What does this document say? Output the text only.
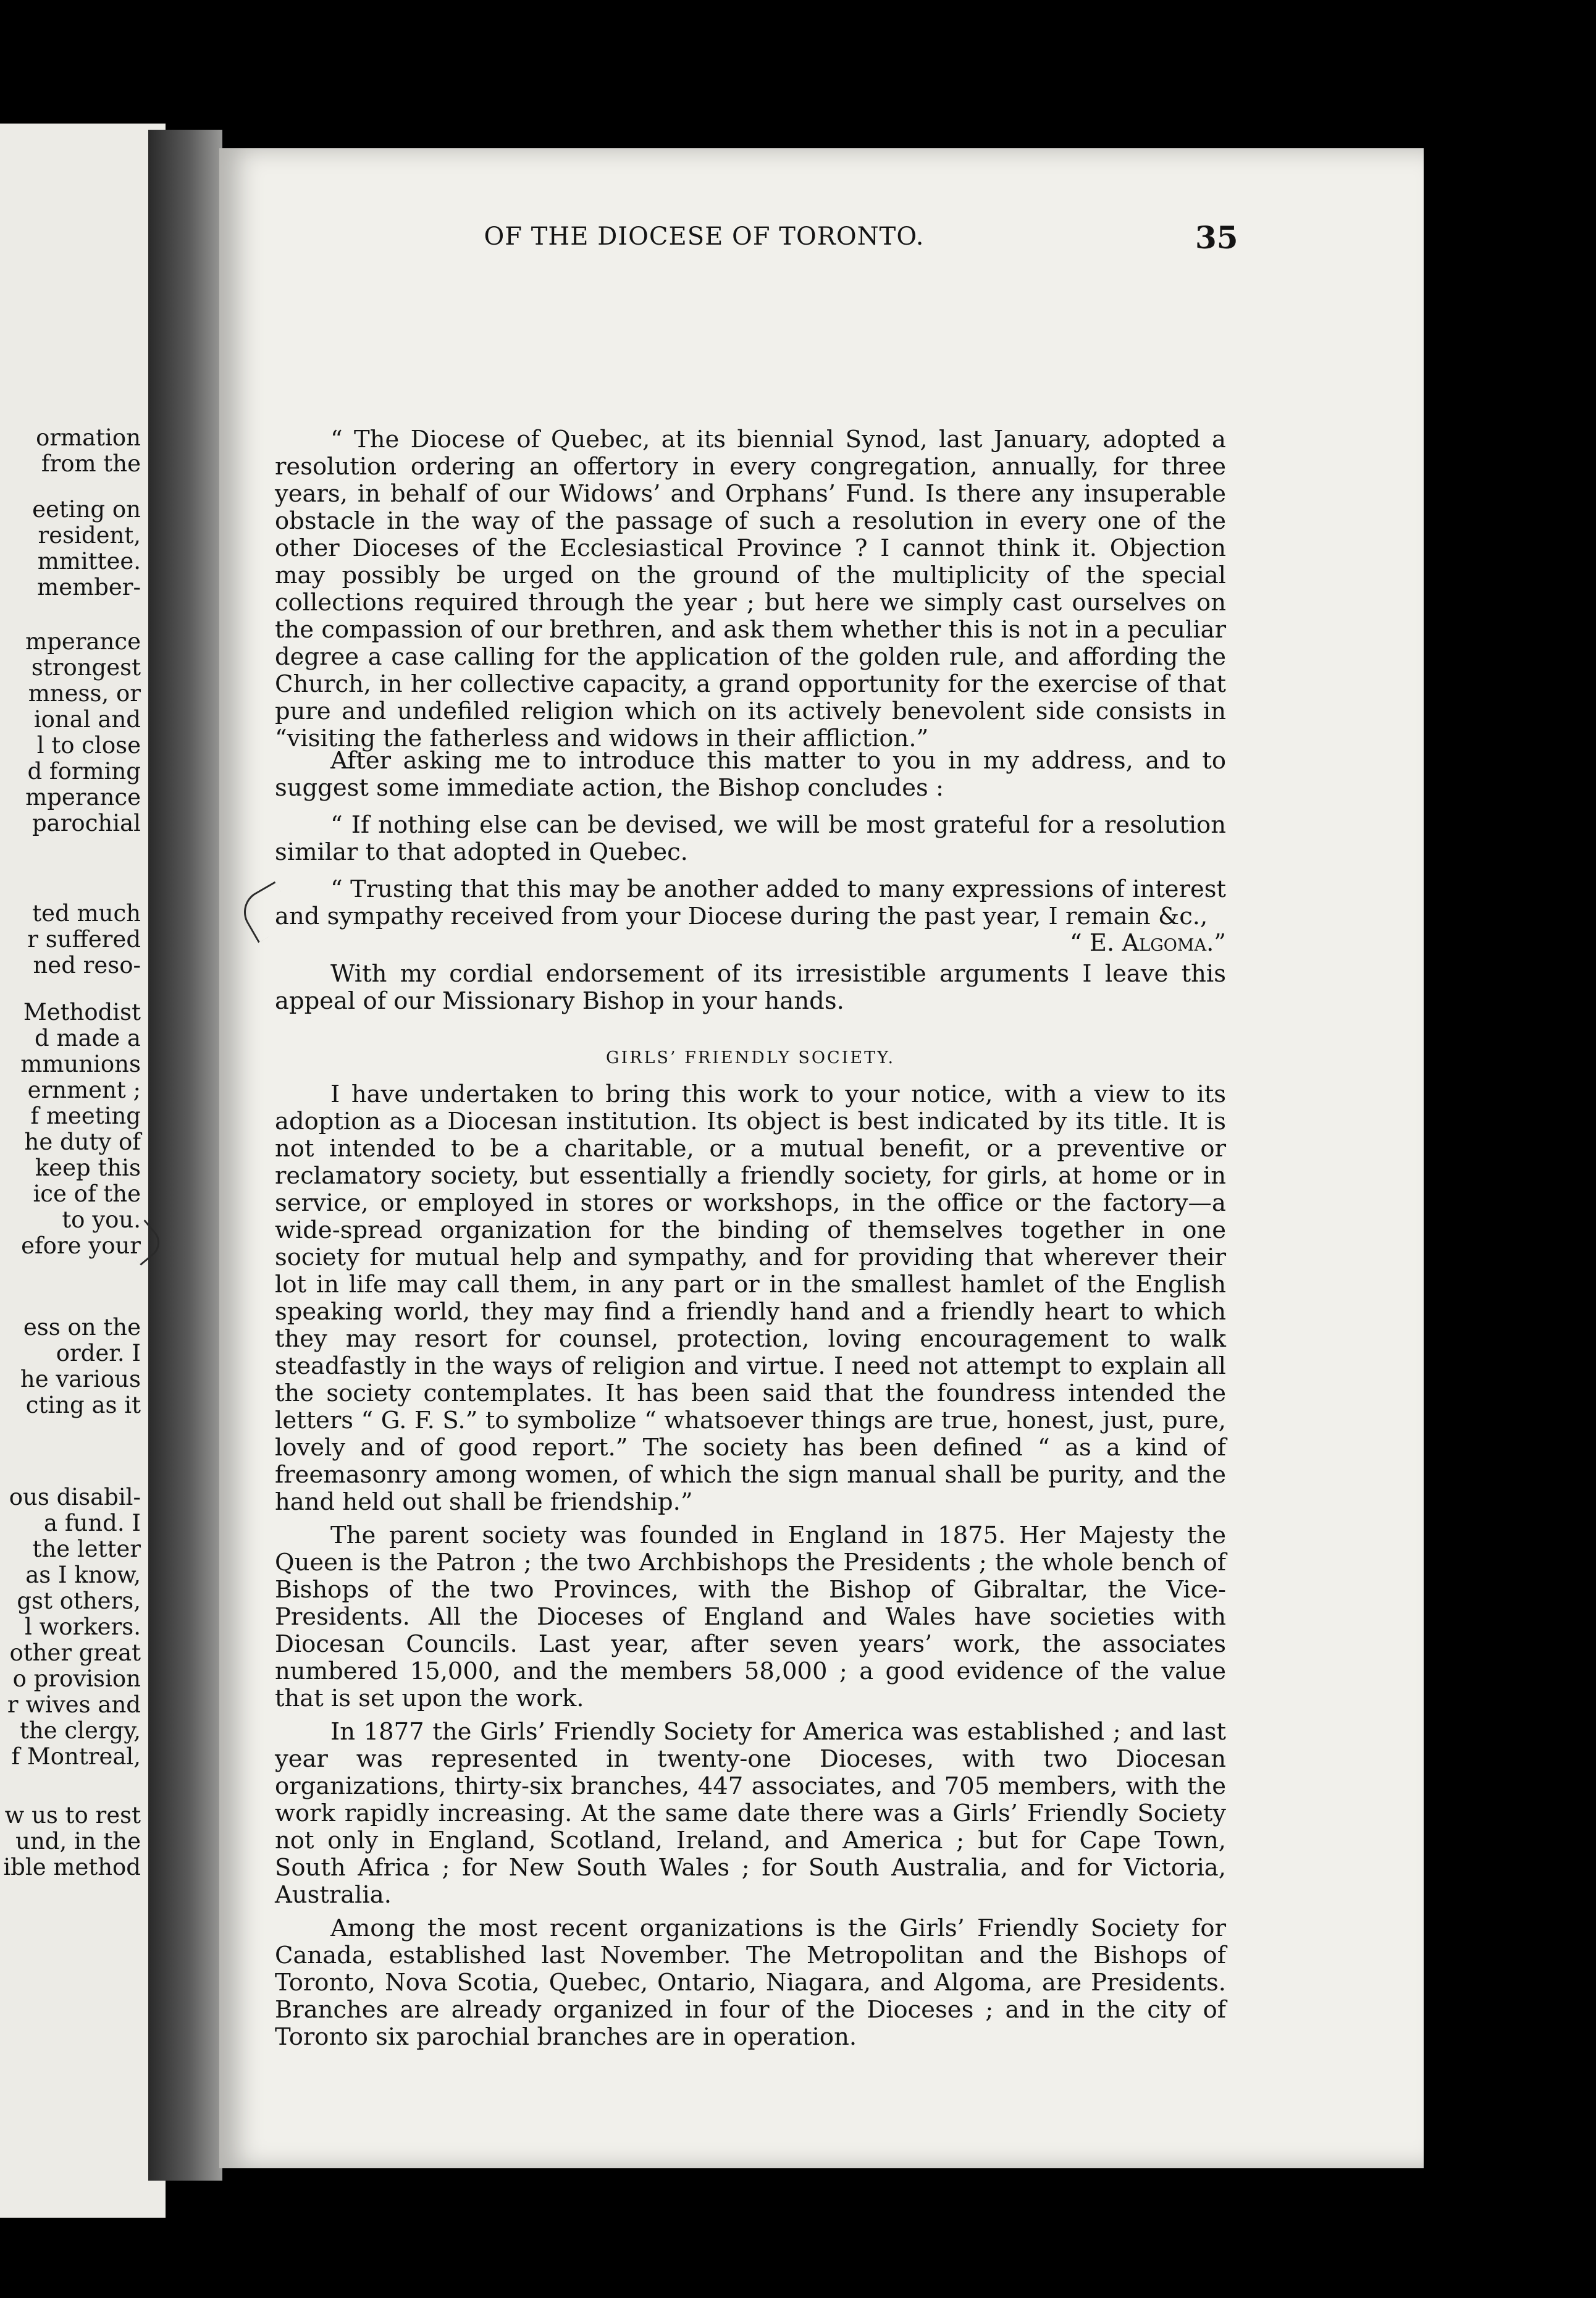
ormation
from the
eeting on
resident,
mmittee.
member-
mperance
strongest
mness, or
ional and
l to close
d forming
mperance
parochial
ted much
r suffered
ned reso-
Methodist
d made a
mmunions
ernment ;
f meeting
he duty of
keep this
ice of the
to you.
efore your
ess on the
order. I
he various
cting as it
ous disabil-
a fund. I
the letter
as I know,
gst others,
l workers.
other great
o provision
r wives and
the clergy,
f Montreal,
w us to rest
und, in the
ible method
OF THE DIOCESE OF TORONTO.	35

“ The Diocese of Quebec, at its biennial Synod, last January, adopted a resolution ordering an offertory in every congregation, annually, for three years, in behalf of our Widows’ and Orphans’ Fund. Is there any insuperable obstacle in the way of the passage of such a resolution in every one of the other Dioceses of the Ecclesiastical Province ? I cannot think it. Objection may possibly be urged on the ground of the multiplicity of the special collections required through the year ; but here we simply cast ourselves on the compassion of our brethren, and ask them whether this is not in a peculiar degree a case calling for the application of the golden rule, and affording the Church, in her collective capacity, a grand opportunity for the exercise of that pure and undefiled religion which on its actively benevolent side consists in “visiting the fatherless and widows in their affliction.”

After asking me to introduce this matter to you in my address, and to suggest some immediate action, the Bishop concludes :

“ If nothing else can be devised, we will be most grateful for a resolution similar to that adopted in Quebec.

“ Trusting that this may be another added to many expressions of interest and sympathy received from your Diocese during the past year, I remain &c.,

“ E. Algoma.”

With my cordial endorsement of its irresistible arguments I leave this appeal of our Missionary Bishop in your hands.

GIRLS’ FRIENDLY SOCIETY.

I have undertaken to bring this work to your notice, with a view to its adoption as a Diocesan institution. Its object is best indicated by its title. It is not intended to be a charitable, or a mutual benefit, or a preventive or reclamatory society, but essentially a friendly society, for girls, at home or in service, or employed in stores or workshops, in the office or the factory—a wide-spread organization for the binding of themselves together in one society for mutual help and sympathy, and for providing that wherever their lot in life may call them, in any part or in the smallest hamlet of the English speaking world, they may find a friendly hand and a friendly heart to which they may resort for counsel, protection, loving encouragement to walk steadfastly in the ways of religion and virtue. I need not attempt to explain all the society contemplates. It has been said that the foundress intended the letters “ G. F. S.” to symbolize “ whatsoever things are true, honest, just, pure, lovely and of good report.” The society has been defined “ as a kind of freemasonry among women, of which the sign manual shall be purity, and the hand held out shall be friendship.”

The parent society was founded in England in 1875. Her Majesty the Queen is the Patron ; the two Archbishops the Presidents ; the whole bench of Bishops of the two Provinces, with the Bishop of Gibraltar, the Vice-Presidents. All the Dioceses of England and Wales have societies with Diocesan Councils. Last year, after seven years’ work, the associates numbered 15,000, and the members 58,000 ; a good evidence of the value that is set upon the work.

In 1877 the Girls’ Friendly Society for America was established ; and last year was represented in twenty-one Dioceses, with two Diocesan organizations, thirty-six branches, 447 associates, and 705 members, with the work rapidly increasing. At the same date there was a Girls’ Friendly Society not only in England, Scotland, Ireland, and America ; but for Cape Town, South Africa ; for New South Wales ; for South Australia, and for Victoria, Australia.

Among the most recent organizations is the Girls’ Friendly Society for Canada, established last November. The Metropolitan and the Bishops of Toronto, Nova Scotia, Quebec, Ontario, Niagara, and Algoma, are Presidents. Branches are already organized in four of the Dioceses ; and in the city of Toronto six parochial branches are in operation.
